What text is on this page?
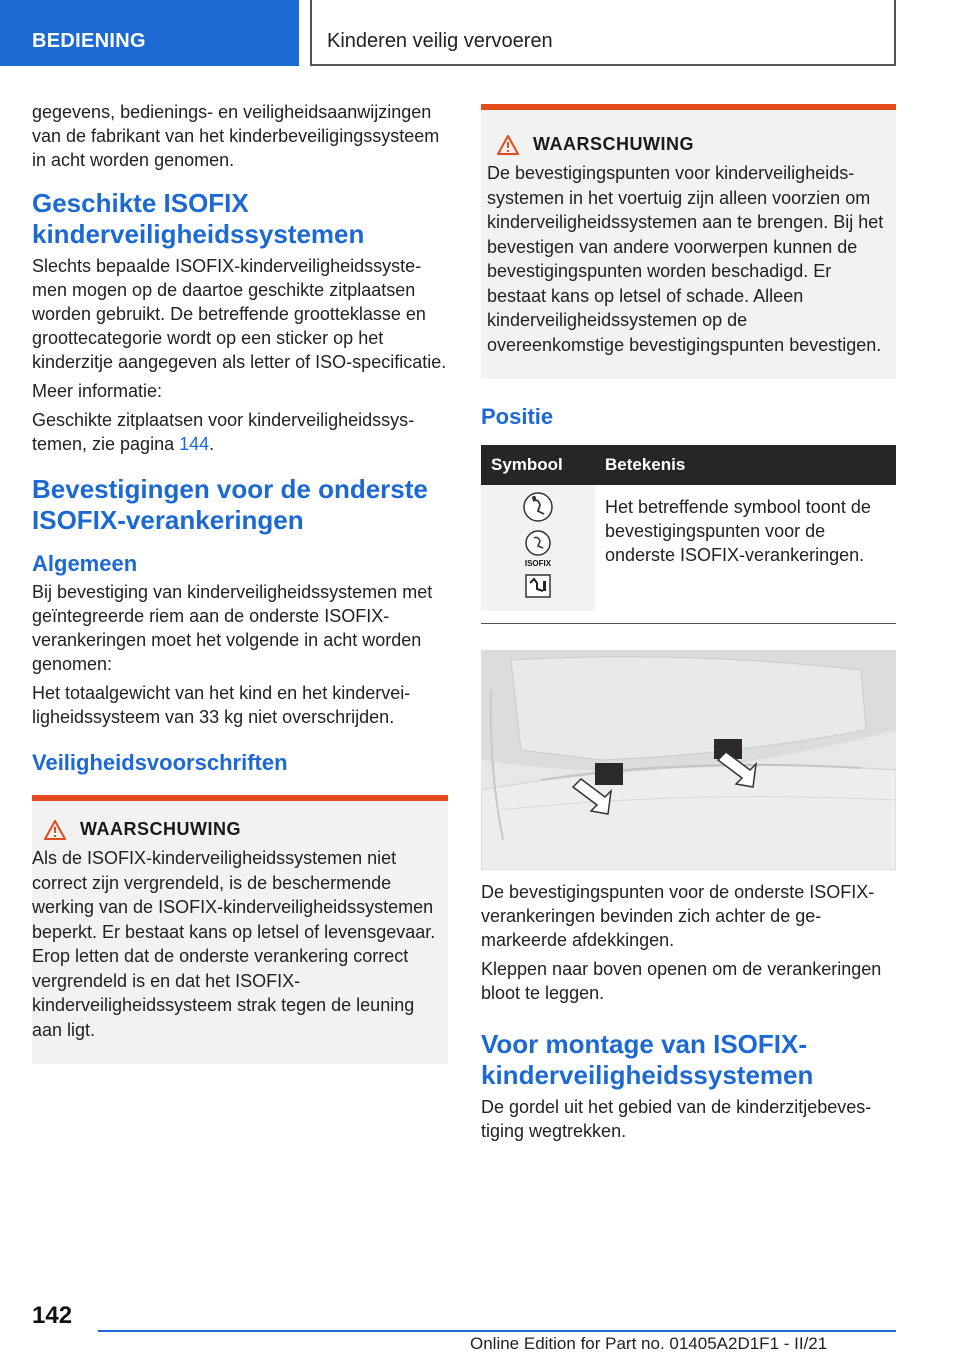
BEDIENING	Kinderen veilig vervoeren

gegevens, bedienings- en veiligheidsaanwijzingen van de fabrikant van het kinderbeveiligingssysteem in acht worden genomen.

Geschikte ISOFIX kinderveiligheidssystemen

Slechts bepaalde ISOFIX-kinderveiligheidssystemen mogen op de daartoe geschikte zitplaatsen worden gebruikt. De betreffende grootteklasse en groottecategorie wordt op een sticker op het kinderzitje aangegeven als letter of ISO-specificatie.

Meer informatie:

Geschikte zitplaatsen voor kinderveiligheidssystemen, zie pagina 144.

Bevestigingen voor de onderste ISOFIX-verankeringen
Algemeen

Bij bevestiging van kinderveiligheidssystemen met geïntegreerde riem aan de onderste ISOFIX-verankeringen moet het volgende in acht worden genomen:

Het totaalgewicht van het kind en het kinderveiligheidssysteem van 33 kg niet overschrijden.

Veiligheidsvoorschriften
WAARSCHUWING

Als de ISOFIX-kinderveiligheidssystemen niet correct zijn vergrendeld, is de beschermende werking van de ISOFIX-kinderveiligheidssystemen beperkt. Er bestaat kans op letsel of levensgevaar. Erop letten dat de onderste verankering correct vergrendeld is en dat het ISOFIX-kinderveiligheidssysteem strak tegen de leuning aan ligt.

WAARSCHUWING

De bevestigingspunten voor kinderveiligheidssystemen in het voertuig zijn alleen voorzien om kinderveiligheidssystemen aan te brengen. Bij het bevestigen van andere voorwerpen kunnen de bevestigingspunten worden beschadigd. Er bestaat kans op letsel of schade. Alleen kinderveiligheidssystemen op de overeenkomstige bevestigingspunten bevestigen.

Positie
Symbool	Betekenis

ISOFIX	Het betreffende symbool toont de bevestigingspunten voor de onderste ISOFIX-verankeringen.

De bevestigingspunten voor de onderste ISOFIX-verankeringen bevinden zich achter de gemarkeerde afdekkingen.

Kleppen naar boven openen om de verankeringen bloot te leggen.

Voor montage van ISOFIX-kinderveiligheidssystemen

De gordel uit het gebied van de kinderzitjebevestiging wegtrekken.

142
Online Edition for Part no. 01405A2D1F1 - II/21
